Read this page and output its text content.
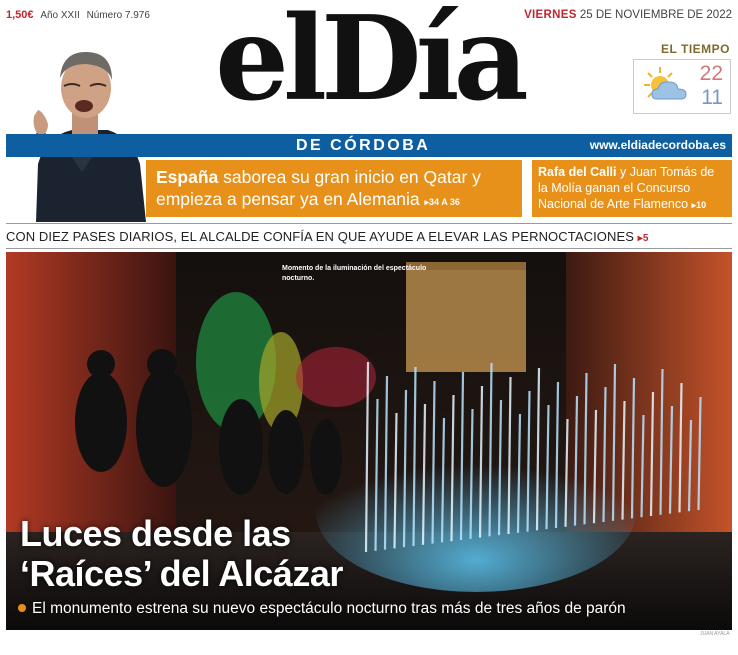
1,50€ Año XXII Número 7.976	VIERNES 25 DE NOVIEMBRE DE 2022
elDía	EL TIEMPO
22
11
DE CÓRDOBA	www.eldiadecordoba.es
España saborea su gran inicio en Qatar y empieza a pensar ya en Alemania ▸34 A 36
Rafa del Calli y Juan Tomás de la Molía ganan el Concurso Nacional de Arte Flamenco ▸10
CON DIEZ PASES DIARIOS, EL ALCALDE CONFÍA EN QUE AYUDE A ELEVAR LAS PERNOCTACIONES ▸5
Momento de la iluminación del espectáculo nocturno.
Luces desde las
‘Raíces’ del Alcázar
El monumento estrena su nuevo espectáculo nocturno tras más de tres años de parón
JUAN AYALA
